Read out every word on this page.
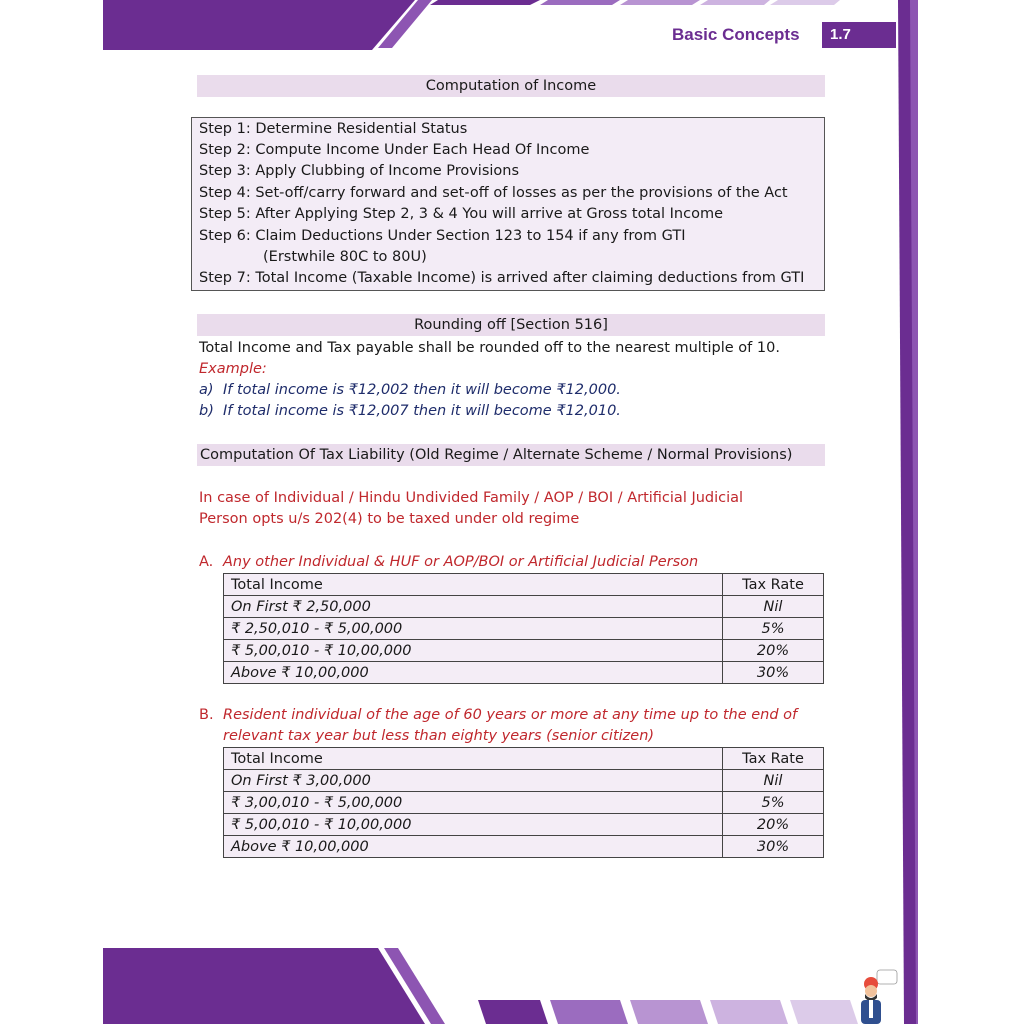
Basic Concepts	1.7
Computation of Income
Step 1: Determine Residential Status
Step 2: Compute Income Under Each Head Of Income
Step 3: Apply Clubbing of Income Provisions
Step 4: Set-off/carry forward and set-off of losses as per the provisions of the Act
Step 5: After Applying Step 2, 3 & 4 You will arrive at Gross total Income
Step 6: Claim Deductions Under Section 123 to 154 if any from GTI
(Erstwhile 80C to 80U)
Step 7: Total Income (Taxable Income) is arrived after claiming deductions from GTI
Rounding off [Section 516]
Total Income and Tax payable shall be rounded off to the nearest multiple of 10.
Example:
a) If total income is ₹12,002 then it will become ₹12,000.
b) If total income is ₹12,007 then it will become ₹12,010.
Computation Of Tax Liability (Old Regime / Alternate Scheme / Normal Provisions)
In case of Individual / Hindu Undivided Family / AOP / BOI / Artificial Judicial
Person opts u/s 202(4) to be taxed under old regime
A. Any other Individual & HUF or AOP/BOI or Artificial Judicial Person
Total Income	Tax Rate
On First ₹ 2,50,000	Nil
₹ 2,50,010 - ₹ 5,00,000	5%
₹ 5,00,010 - ₹ 10,00,000	20%
Above ₹ 10,00,000	30%
B. Resident individual of the age of 60 years or more at any time up to the end of
relevant tax year but less than eighty years (senior citizen)
Total Income	Tax Rate
On First ₹ 3,00,000	Nil
₹ 3,00,010 - ₹ 5,00,000	5%
₹ 5,00,010 - ₹ 10,00,000	20%
Above ₹ 10,00,000	30%
